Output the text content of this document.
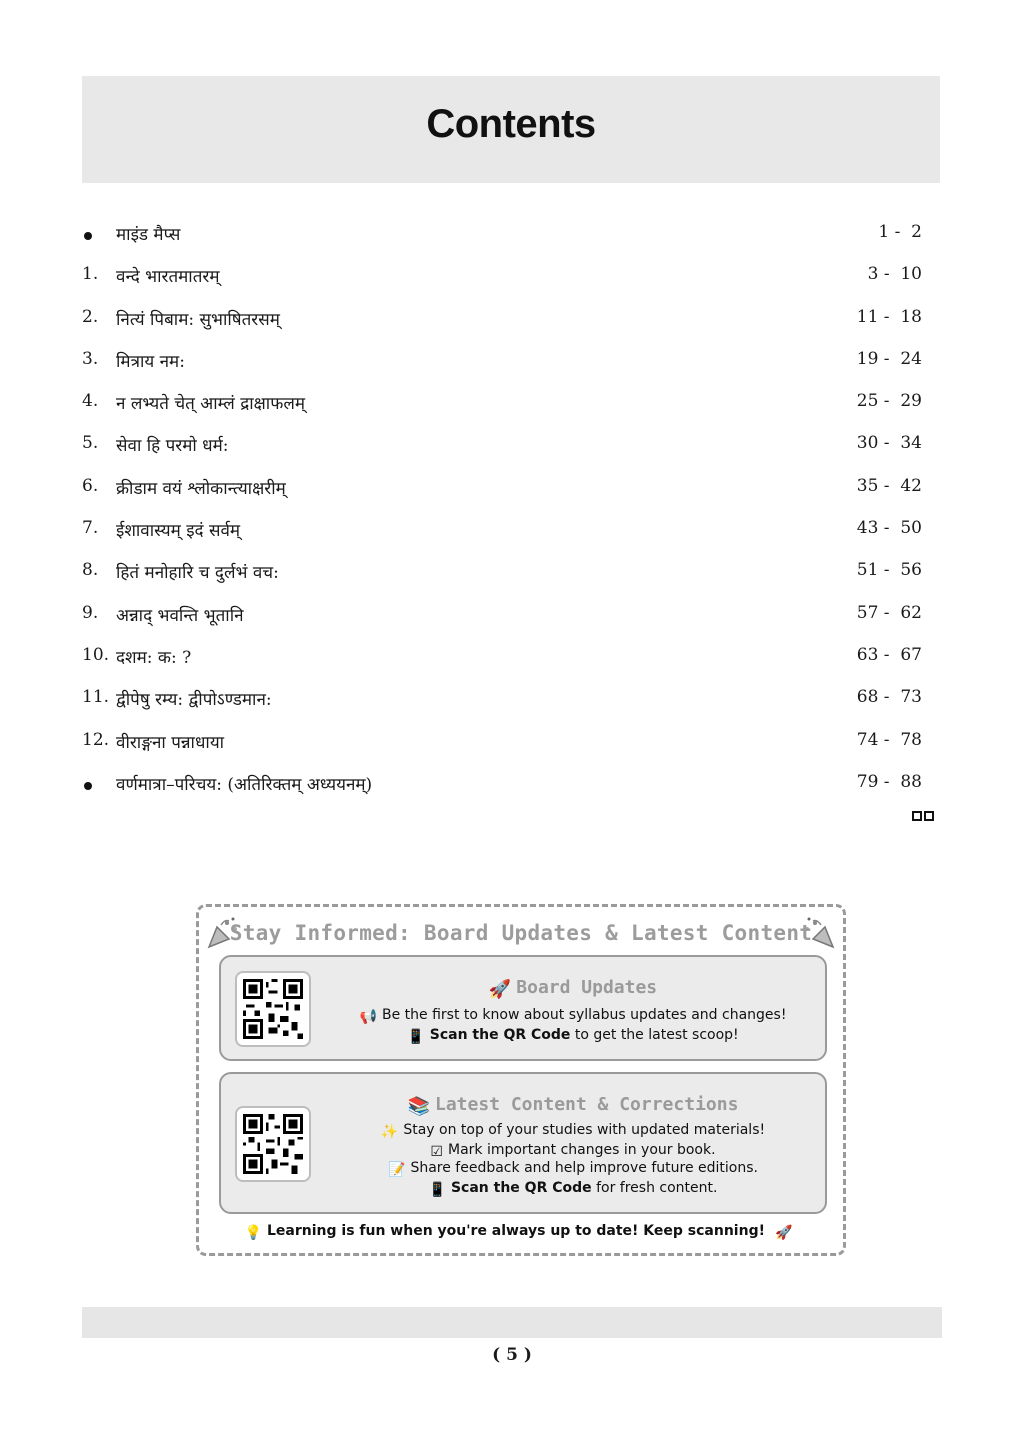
Contents
माइंड मैप्स	1 -  2
1.	वन्दे भारतमातरम्	3 -  10
2.	नित्यं पिबाम: सुभाषितरसम्	11 -  18
3.	मित्राय नम:	19 -  24
4.	न लभ्यते चेत् आम्लं द्राक्षाफलम्	25 -  29
5.	सेवा हि परमो धर्म:	30 -  34
6.	क्रीडाम वयं श्लोकान्त्याक्षरीम्	35 -  42
7.	ईशावास्यम् इदं सर्वम्	43 -  50
8.	हितं मनोहारि च दुर्लभं वच:	51 -  56
9.	अन्नाद् भवन्ति भूतानि	57 -  62
10. दशम: क: ?	63 -  67
11. द्वीपेषु रम्य: द्वीपोऽण्डमान:	68 -  73
12. वीराङ्गना पन्नाधाया	74 -  78
वर्णमात्रा–परिचय: (अतिरिक्तम् अध्ययनम्)	79 -  88
Stay Informed: Board Updates & Latest Content
🚀 Board Updates
📢 Be the first to know about syllabus updates and changes!
📱 Scan the QR Code to get the latest scoop!
📚 Latest Content & Corrections
✨ Stay on top of your studies with updated materials!
☑ Mark important changes in your book.
📝 Share feedback and help improve future editions.
📱 Scan the QR Code for fresh content.
💡 Learning is fun when you're always up to date! Keep scanning! 🚀
( 5 )
